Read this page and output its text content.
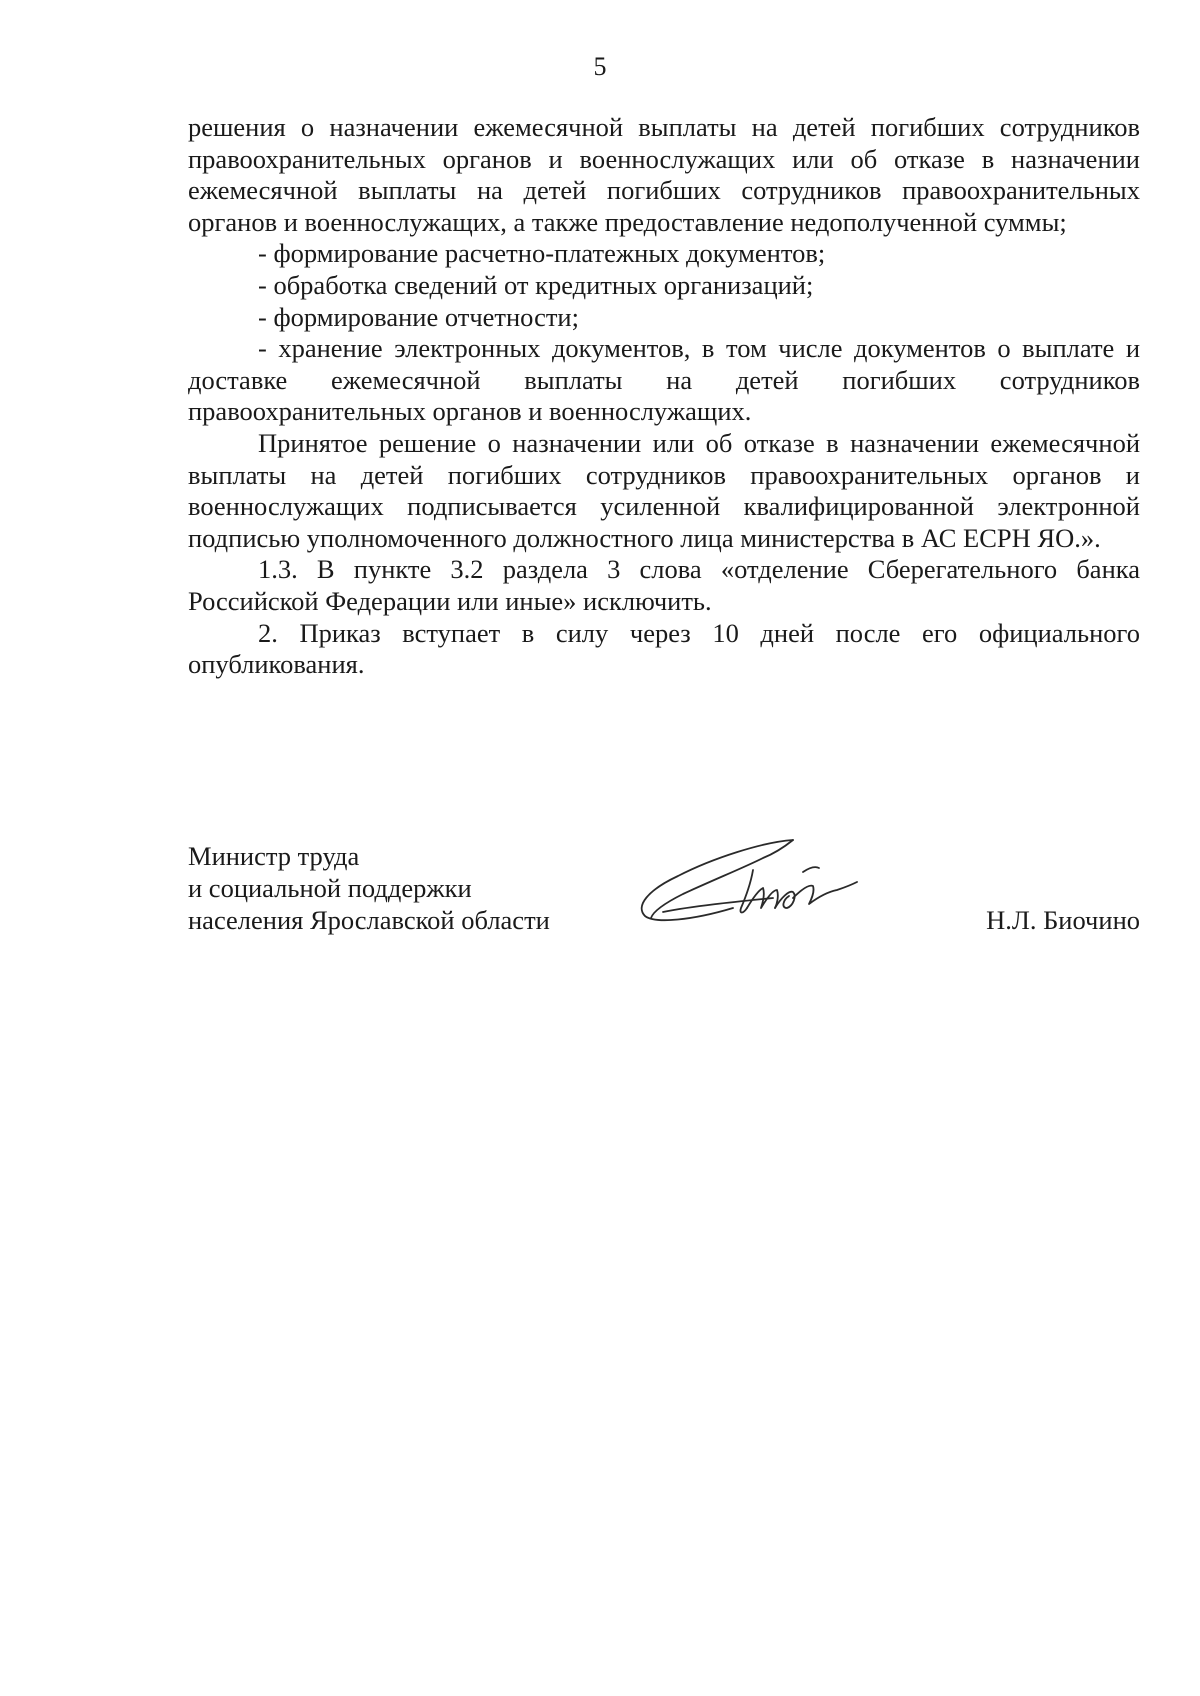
5

решения о назначении ежемесячной выплаты на детей погибших сотрудников правоохранительных органов и военнослужащих или об отказе в назначении ежемесячной выплаты на детей погибших сотрудников правоохранительных органов и военнослужащих, а также предоставление недополученной суммы;

- формирование расчетно-платежных документов;

- обработка сведений от кредитных организаций;

- формирование отчетности;

- хранение электронных документов, в том числе документов о выплате и доставке ежемесячной выплаты на детей погибших сотрудников правоохранительных органов и военнослужащих.

Принятое решение о назначении или об отказе в назначении ежемесячной выплаты на детей погибших сотрудников правоохранительных органов и военнослужащих подписывается усиленной квалифицированной электронной подписью уполномоченного должностного лица министерства в АС ЕСРН ЯО.».

1.3. В пункте 3.2 раздела 3 слова «отделение Сберегательного банка Российской Федерации или иные» исключить.

2. Приказ вступает в силу через 10 дней после его официального опубликования.

Министр труда
и социальной поддержки
населения Ярославской области	Н.Л. Биочино
